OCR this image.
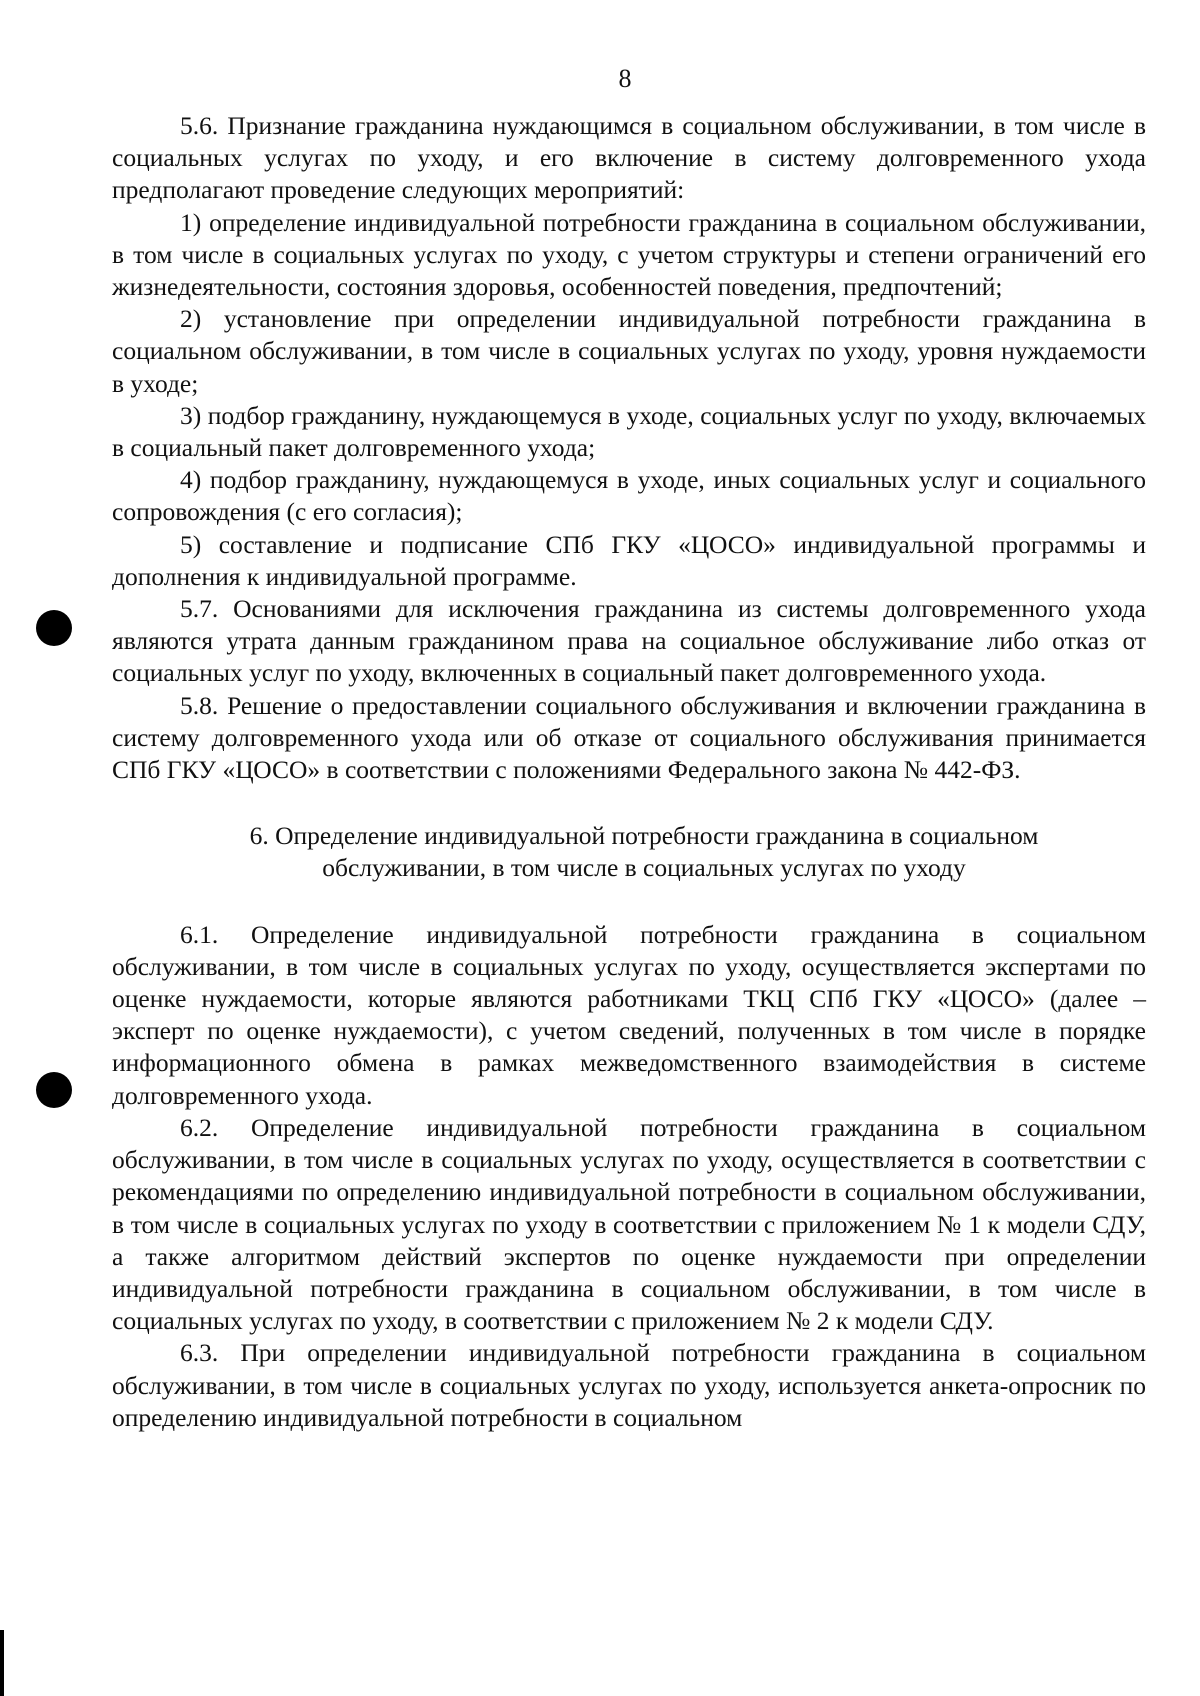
8

5.6. Признание гражданина нуждающимся в социальном обслуживании, в том числе в социальных услугах по уходу, и его включение в систему долговременного ухода предполагают проведение следующих мероприятий:

1) определение индивидуальной потребности гражданина в социальном обслуживании, в том числе в социальных услугах по уходу, с учетом структуры и степени ограничений его жизнедеятельности, состояния здоровья, особенностей поведения, предпочтений;

2) установление при определении индивидуальной потребности гражданина в социальном обслуживании, в том числе в социальных услугах по уходу, уровня нуждаемости в уходе;

3) подбор гражданину, нуждающемуся в уходе, социальных услуг по уходу, включаемых в социальный пакет долговременного ухода;

4) подбор гражданину, нуждающемуся в уходе, иных социальных услуг и социального сопровождения (с его согласия);

5) составление и подписание СПб ГКУ «ЦОСО» индивидуальной программы и дополнения к индивидуальной программе.

5.7. Основаниями для исключения гражданина из системы долговременного ухода являются утрата данным гражданином права на социальное обслуживание либо отказ от социальных услуг по уходу, включенных в социальный пакет долговременного ухода.

5.8. Решение о предоставлении социального обслуживания и включении гражданина в систему долговременного ухода или об отказе от социального обслуживания принимается СПб ГКУ «ЦОСО» в соответствии с положениями Федерального закона № 442-ФЗ.

6. Определение индивидуальной потребности гражданина в социальном

обслуживании, в том числе в социальных услугах по уходу

6.1. Определение индивидуальной потребности гражданина в социальном обслуживании, в том числе в социальных услугах по уходу, осуществляется экспертами по оценке нуждаемости, которые являются работниками ТКЦ СПб ГКУ «ЦОСО» (далее – эксперт по оценке нуждаемости), с учетом сведений, полученных в том числе в порядке информационного обмена в рамках межведомственного взаимодействия в системе долговременного ухода.

6.2. Определение индивидуальной потребности гражданина в социальном обслуживании, в том числе в социальных услугах по уходу, осуществляется в соответствии с рекомендациями по определению индивидуальной потребности в социальном обслуживании, в том числе в социальных услугах по уходу в соответствии с приложением № 1 к модели СДУ, а также алгоритмом действий экспертов по оценке нуждаемости при определении индивидуальной потребности гражданина в социальном обслуживании, в том числе в социальных услугах по уходу, в соответствии с приложением № 2 к модели СДУ.

6.3. При определении индивидуальной потребности гражданина в социальном обслуживании, в том числе в социальных услугах по уходу, используется анкета-опросник по определению индивидуальной потребности в социальном
